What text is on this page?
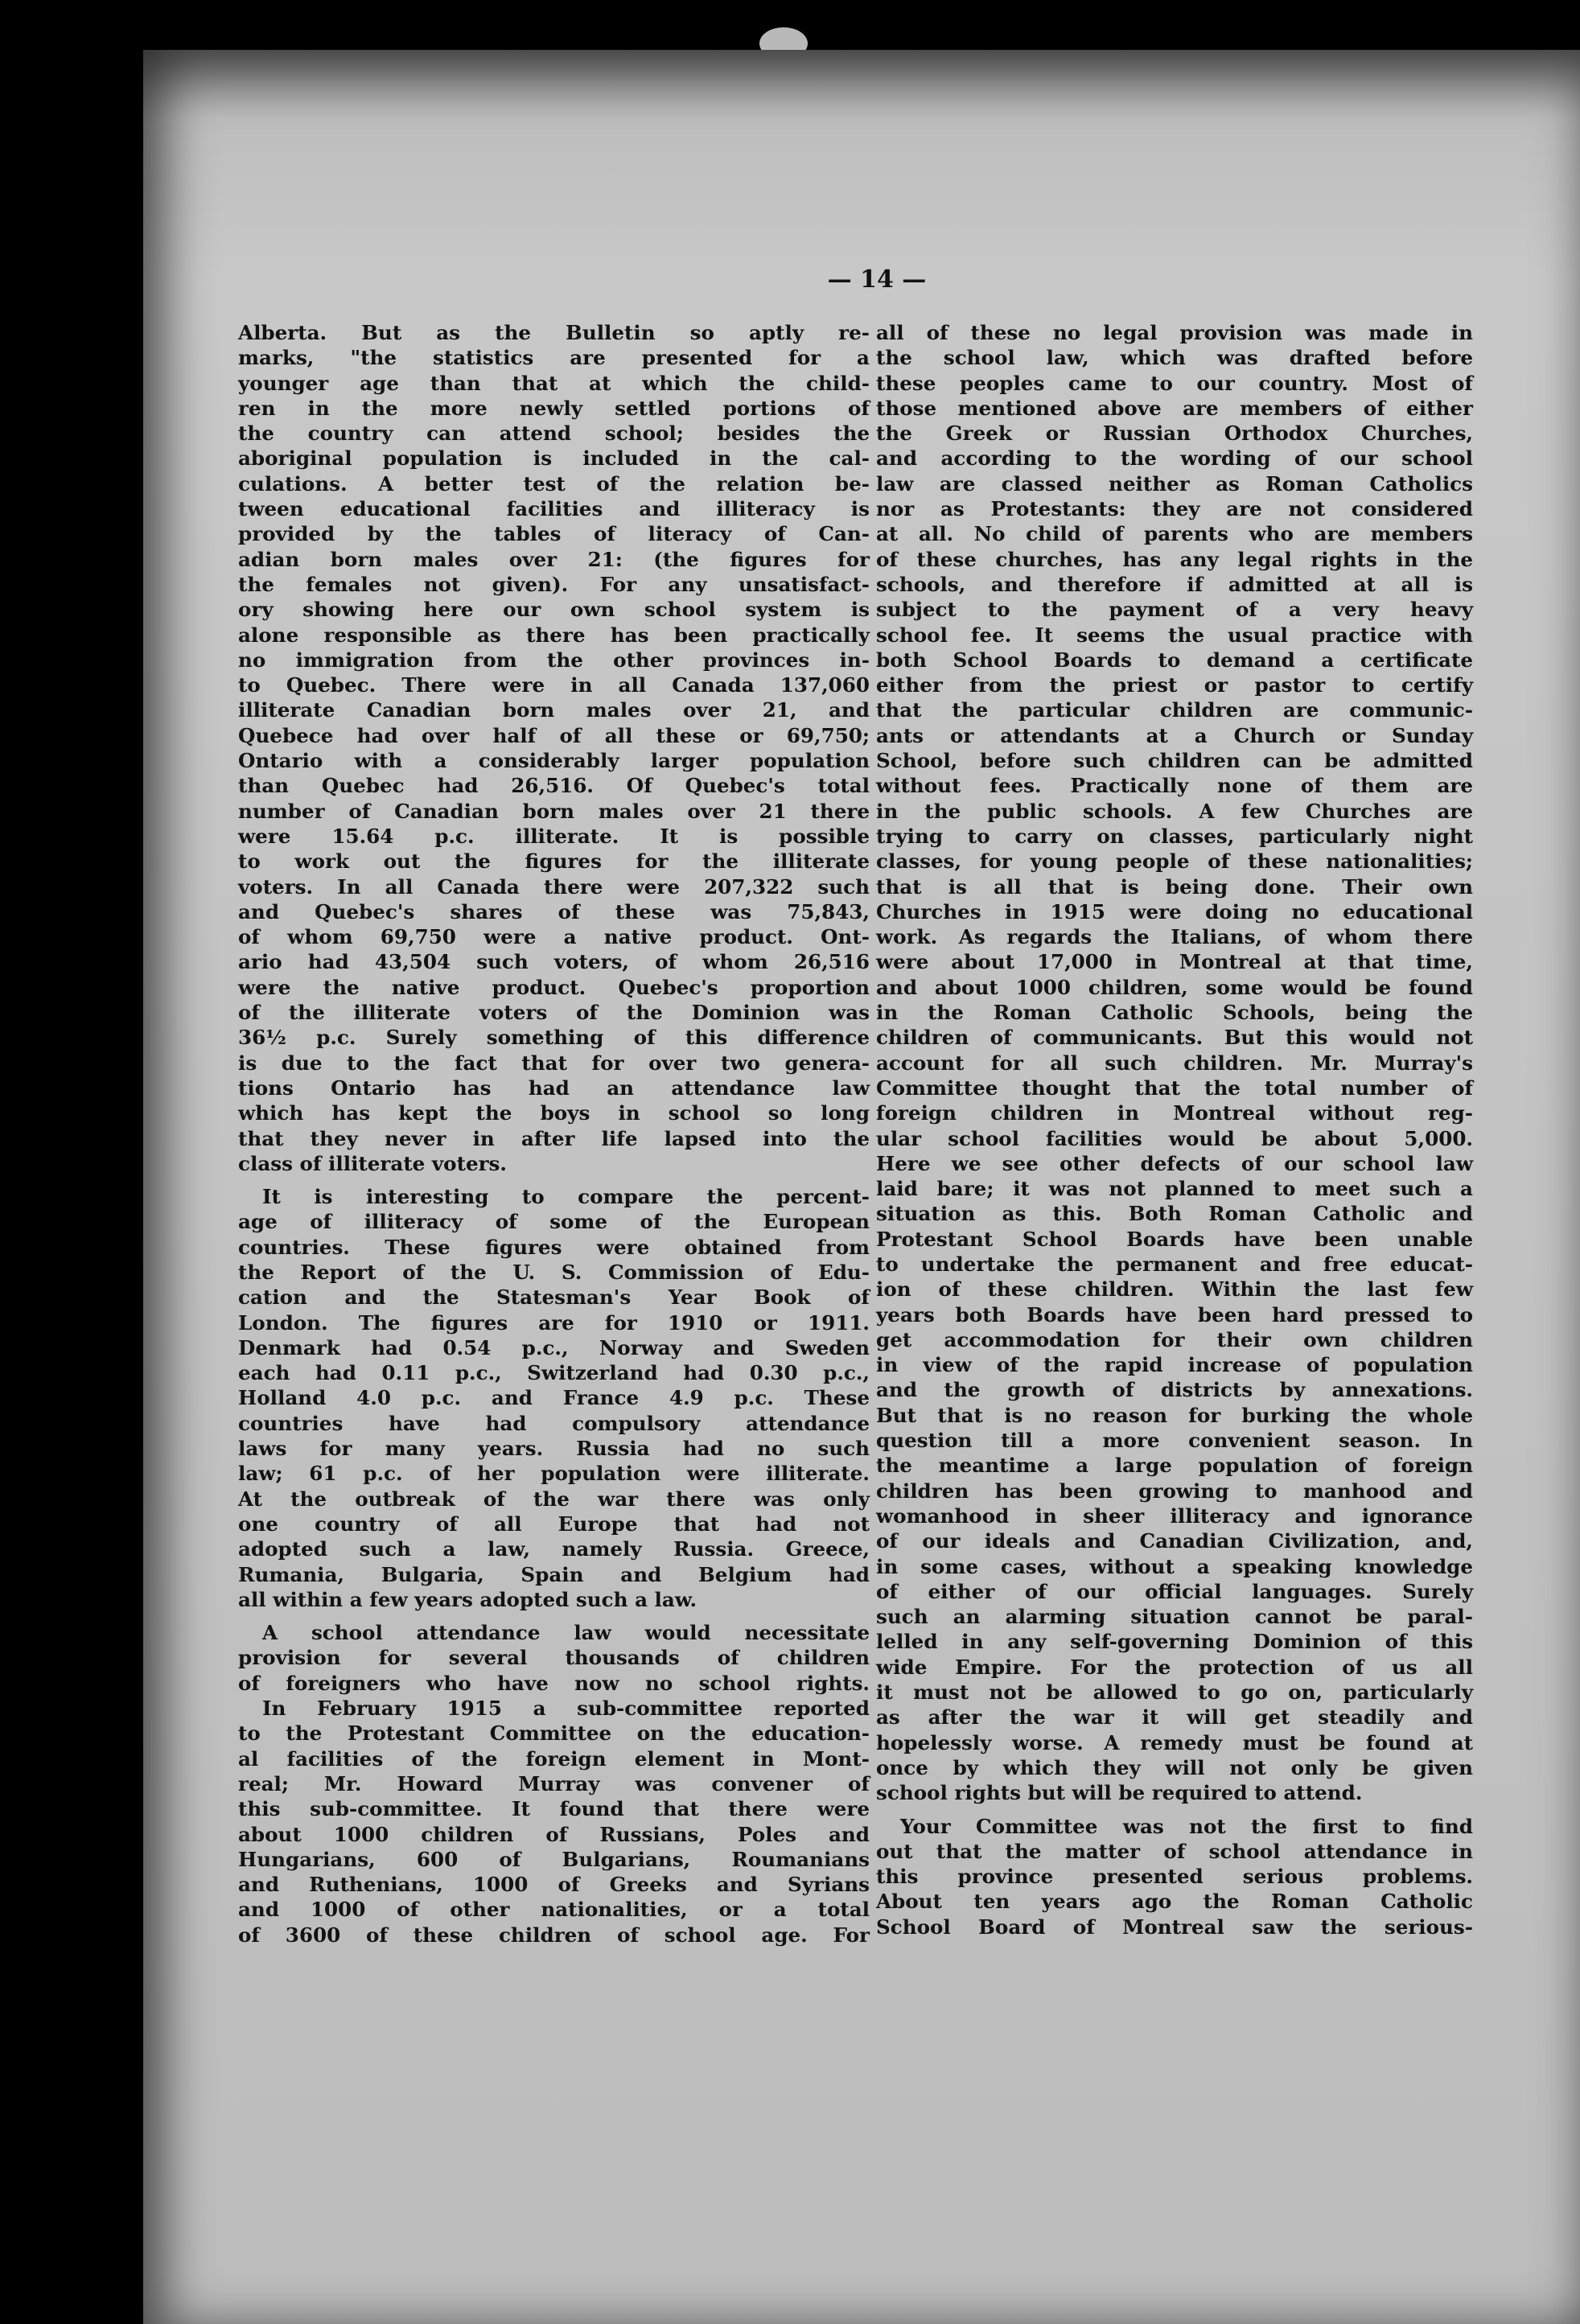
— 14 —
Alberta. But as the Bulletin so aptly re-
marks, "the statistics are presented for a
younger age than that at which the child-
ren in the more newly settled portions of
the country can attend school; besides the
aboriginal population is included in the cal-
culations. A better test of the relation be-
tween educational facilities and illiteracy is
provided by the tables of literacy of Can-
adian born males over 21: (the figures for
the females not given). For any unsatisfact-
ory showing here our own school system is
alone responsible as there has been practically
no immigration from the other provinces in-
to Quebec. There were in all Canada 137,060
illiterate Canadian born males over 21, and
Quebece had over half of all these or 69,750;
Ontario with a considerably larger population
than Quebec had 26,516. Of Quebec's total
number of Canadian born males over 21 there
were 15.64 p.c. illiterate. It is possible
to work out the figures for the illiterate
voters. In all Canada there were 207,322 such
and Quebec's shares of these was 75,843,
of whom 69,750 were a native product. Ont-
ario had 43,504 such voters, of whom 26,516
were the native product. Quebec's proportion
of the illiterate voters of the Dominion was
36½ p.c. Surely something of this difference
is due to the fact that for over two genera-
tions Ontario has had an attendance law
which has kept the boys in school so long
that they never in after life lapsed into the
class of illiterate voters.
It is interesting to compare the percent-
age of illiteracy of some of the European
countries. These figures were obtained from
the Report of the U. S. Commission of Edu-
cation and the Statesman's Year Book of
London. The figures are for 1910 or 1911.
Denmark had 0.54 p.c., Norway and Sweden
each had 0.11 p.c., Switzerland had 0.30 p.c.,
Holland 4.0 p.c. and France 4.9 p.c. These
countries have had compulsory attendance
laws for many years. Russia had no such
law; 61 p.c. of her population were illiterate.
At the outbreak of the war there was only
one country of all Europe that had not
adopted such a law, namely Russia. Greece,
Rumania, Bulgaria, Spain and Belgium had
all within a few years adopted such a law.
A school attendance law would necessitate
provision for several thousands of children
of foreigners who have now no school rights.
In February 1915 a sub-committee reported
to the Protestant Committee on the education-
al facilities of the foreign element in Mont-
real; Mr. Howard Murray was convener of
this sub-committee. It found that there were
about 1000 children of Russians, Poles and
Hungarians, 600 of Bulgarians, Roumanians
and Ruthenians, 1000 of Greeks and Syrians
and 1000 of other nationalities, or a total
of 3600 of these children of school age. For
all of these no legal provision was made in
the school law, which was drafted before
these peoples came to our country. Most of
those mentioned above are members of either
the Greek or Russian Orthodox Churches,
and according to the wording of our school
law are classed neither as Roman Catholics
nor as Protestants: they are not considered
at all. No child of parents who are members
of these churches, has any legal rights in the
schools, and therefore if admitted at all is
subject to the payment of a very heavy
school fee. It seems the usual practice with
both School Boards to demand a certificate
either from the priest or pastor to certify
that the particular children are communic-
ants or attendants at a Church or Sunday
School, before such children can be admitted
without fees. Practically none of them are
in the public schools. A few Churches are
trying to carry on classes, particularly night
classes, for young people of these nationalities;
that is all that is being done. Their own
Churches in 1915 were doing no educational
work. As regards the Italians, of whom there
were about 17,000 in Montreal at that time,
and about 1000 children, some would be found
in the Roman Catholic Schools, being the
children of communicants. But this would not
account for all such children. Mr. Murray's
Committee thought that the total number of
foreign children in Montreal without reg-
ular school facilities would be about 5,000.
Here we see other defects of our school law
laid bare; it was not planned to meet such a
situation as this. Both Roman Catholic and
Protestant School Boards have been unable
to undertake the permanent and free educat-
ion of these children. Within the last few
years both Boards have been hard pressed to
get accommodation for their own children
in view of the rapid increase of population
and the growth of districts by annexations.
But that is no reason for burking the whole
question till a more convenient season. In
the meantime a large population of foreign
children has been growing to manhood and
womanhood in sheer illiteracy and ignorance
of our ideals and Canadian Civilization, and,
in some cases, without a speaking knowledge
of either of our official languages. Surely
such an alarming situation cannot be paral-
lelled in any self-governing Dominion of this
wide Empire. For the protection of us all
it must not be allowed to go on, particularly
as after the war it will get steadily and
hopelessly worse. A remedy must be found at
once by which they will not only be given
school rights but will be required to attend.
Your Committee was not the first to find
out that the matter of school attendance in
this province presented serious problems.
About ten years ago the Roman Catholic
School Board of Montreal saw the serious-
